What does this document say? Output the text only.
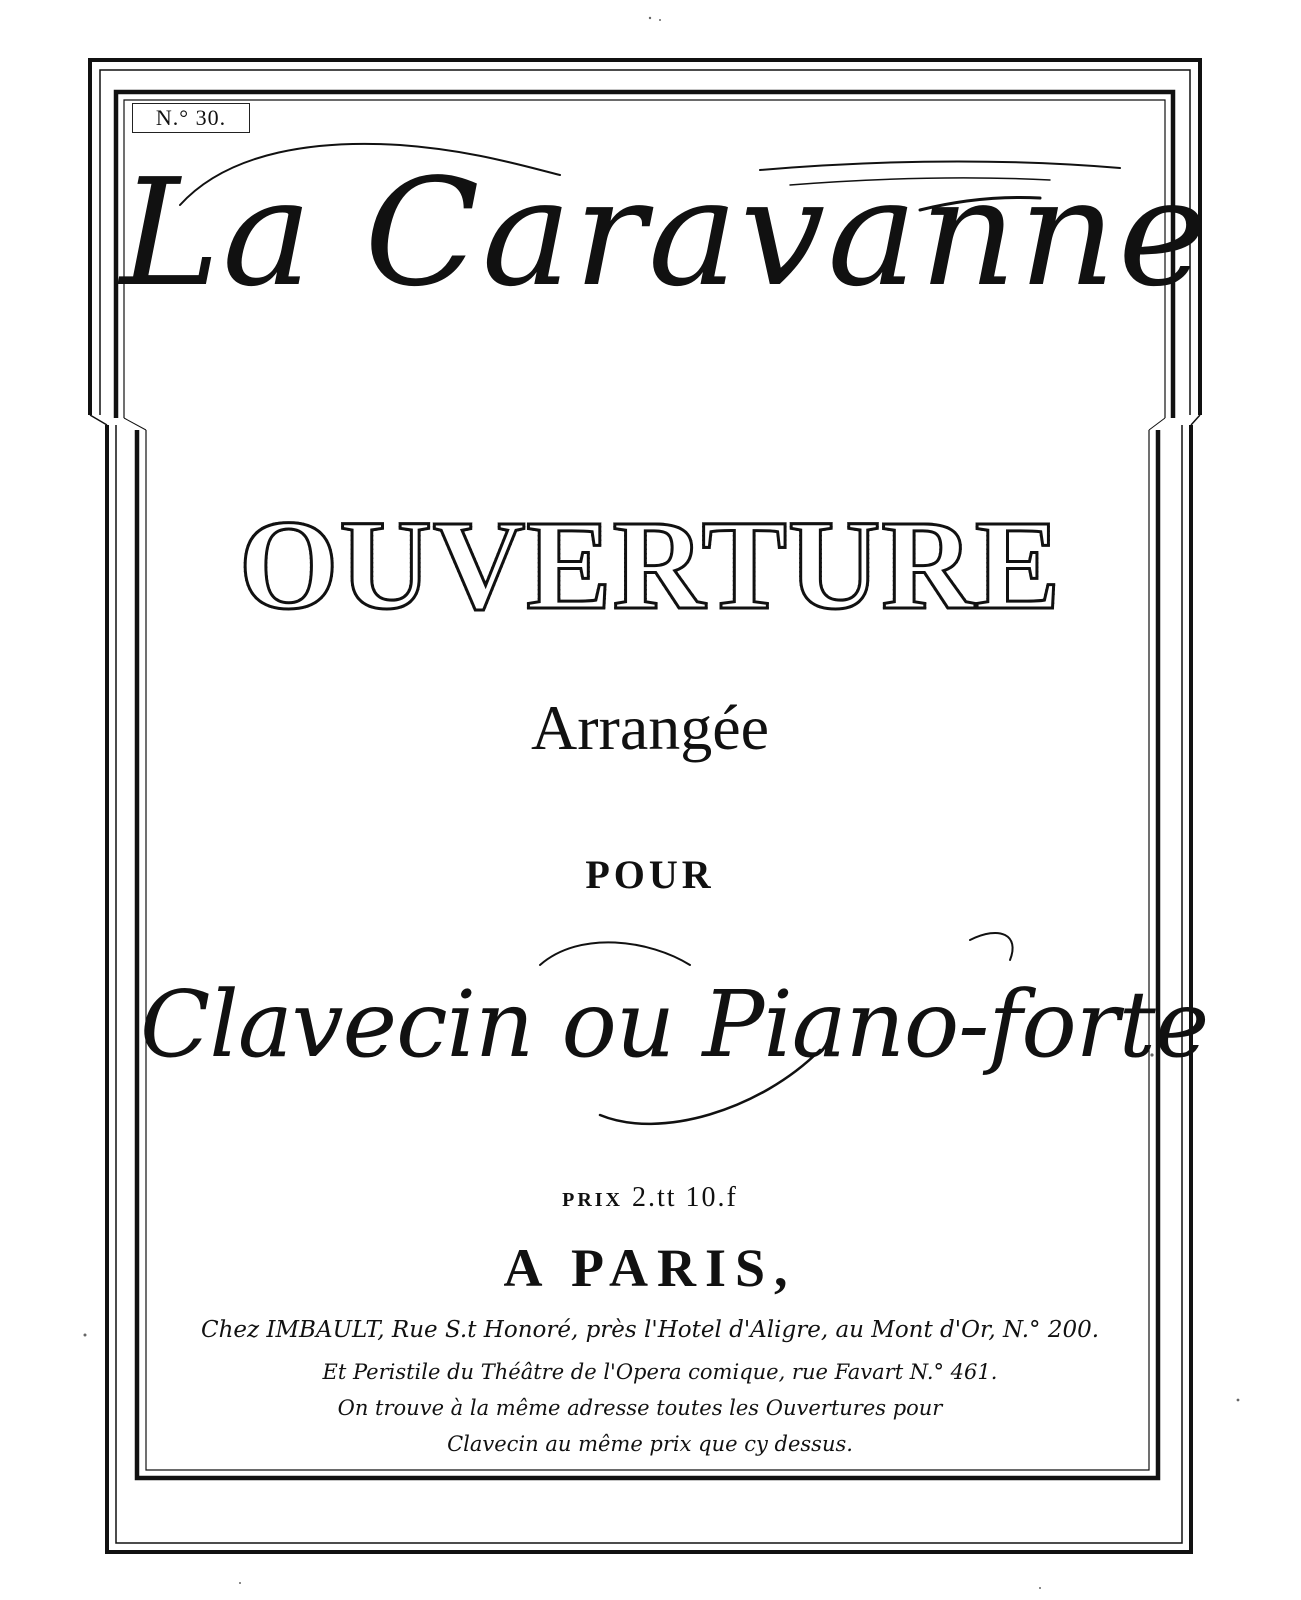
N.° 30.
La Caravanne
OUVERTURE
Arrangée
POUR
Clavecin ou Piano-forte
PRIX 2.tt 10.f
A PARIS,
Chez IMBAULT, Rue S.t Honoré, près l'Hotel d'Aligre, au Mont d'Or, N.° 200.
Et Peristile du Théâtre de l'Opera comique, rue Favart N.° 461.
On trouve à la même adresse toutes les Ouvertures pour
Clavecin au même prix que cy dessus.
